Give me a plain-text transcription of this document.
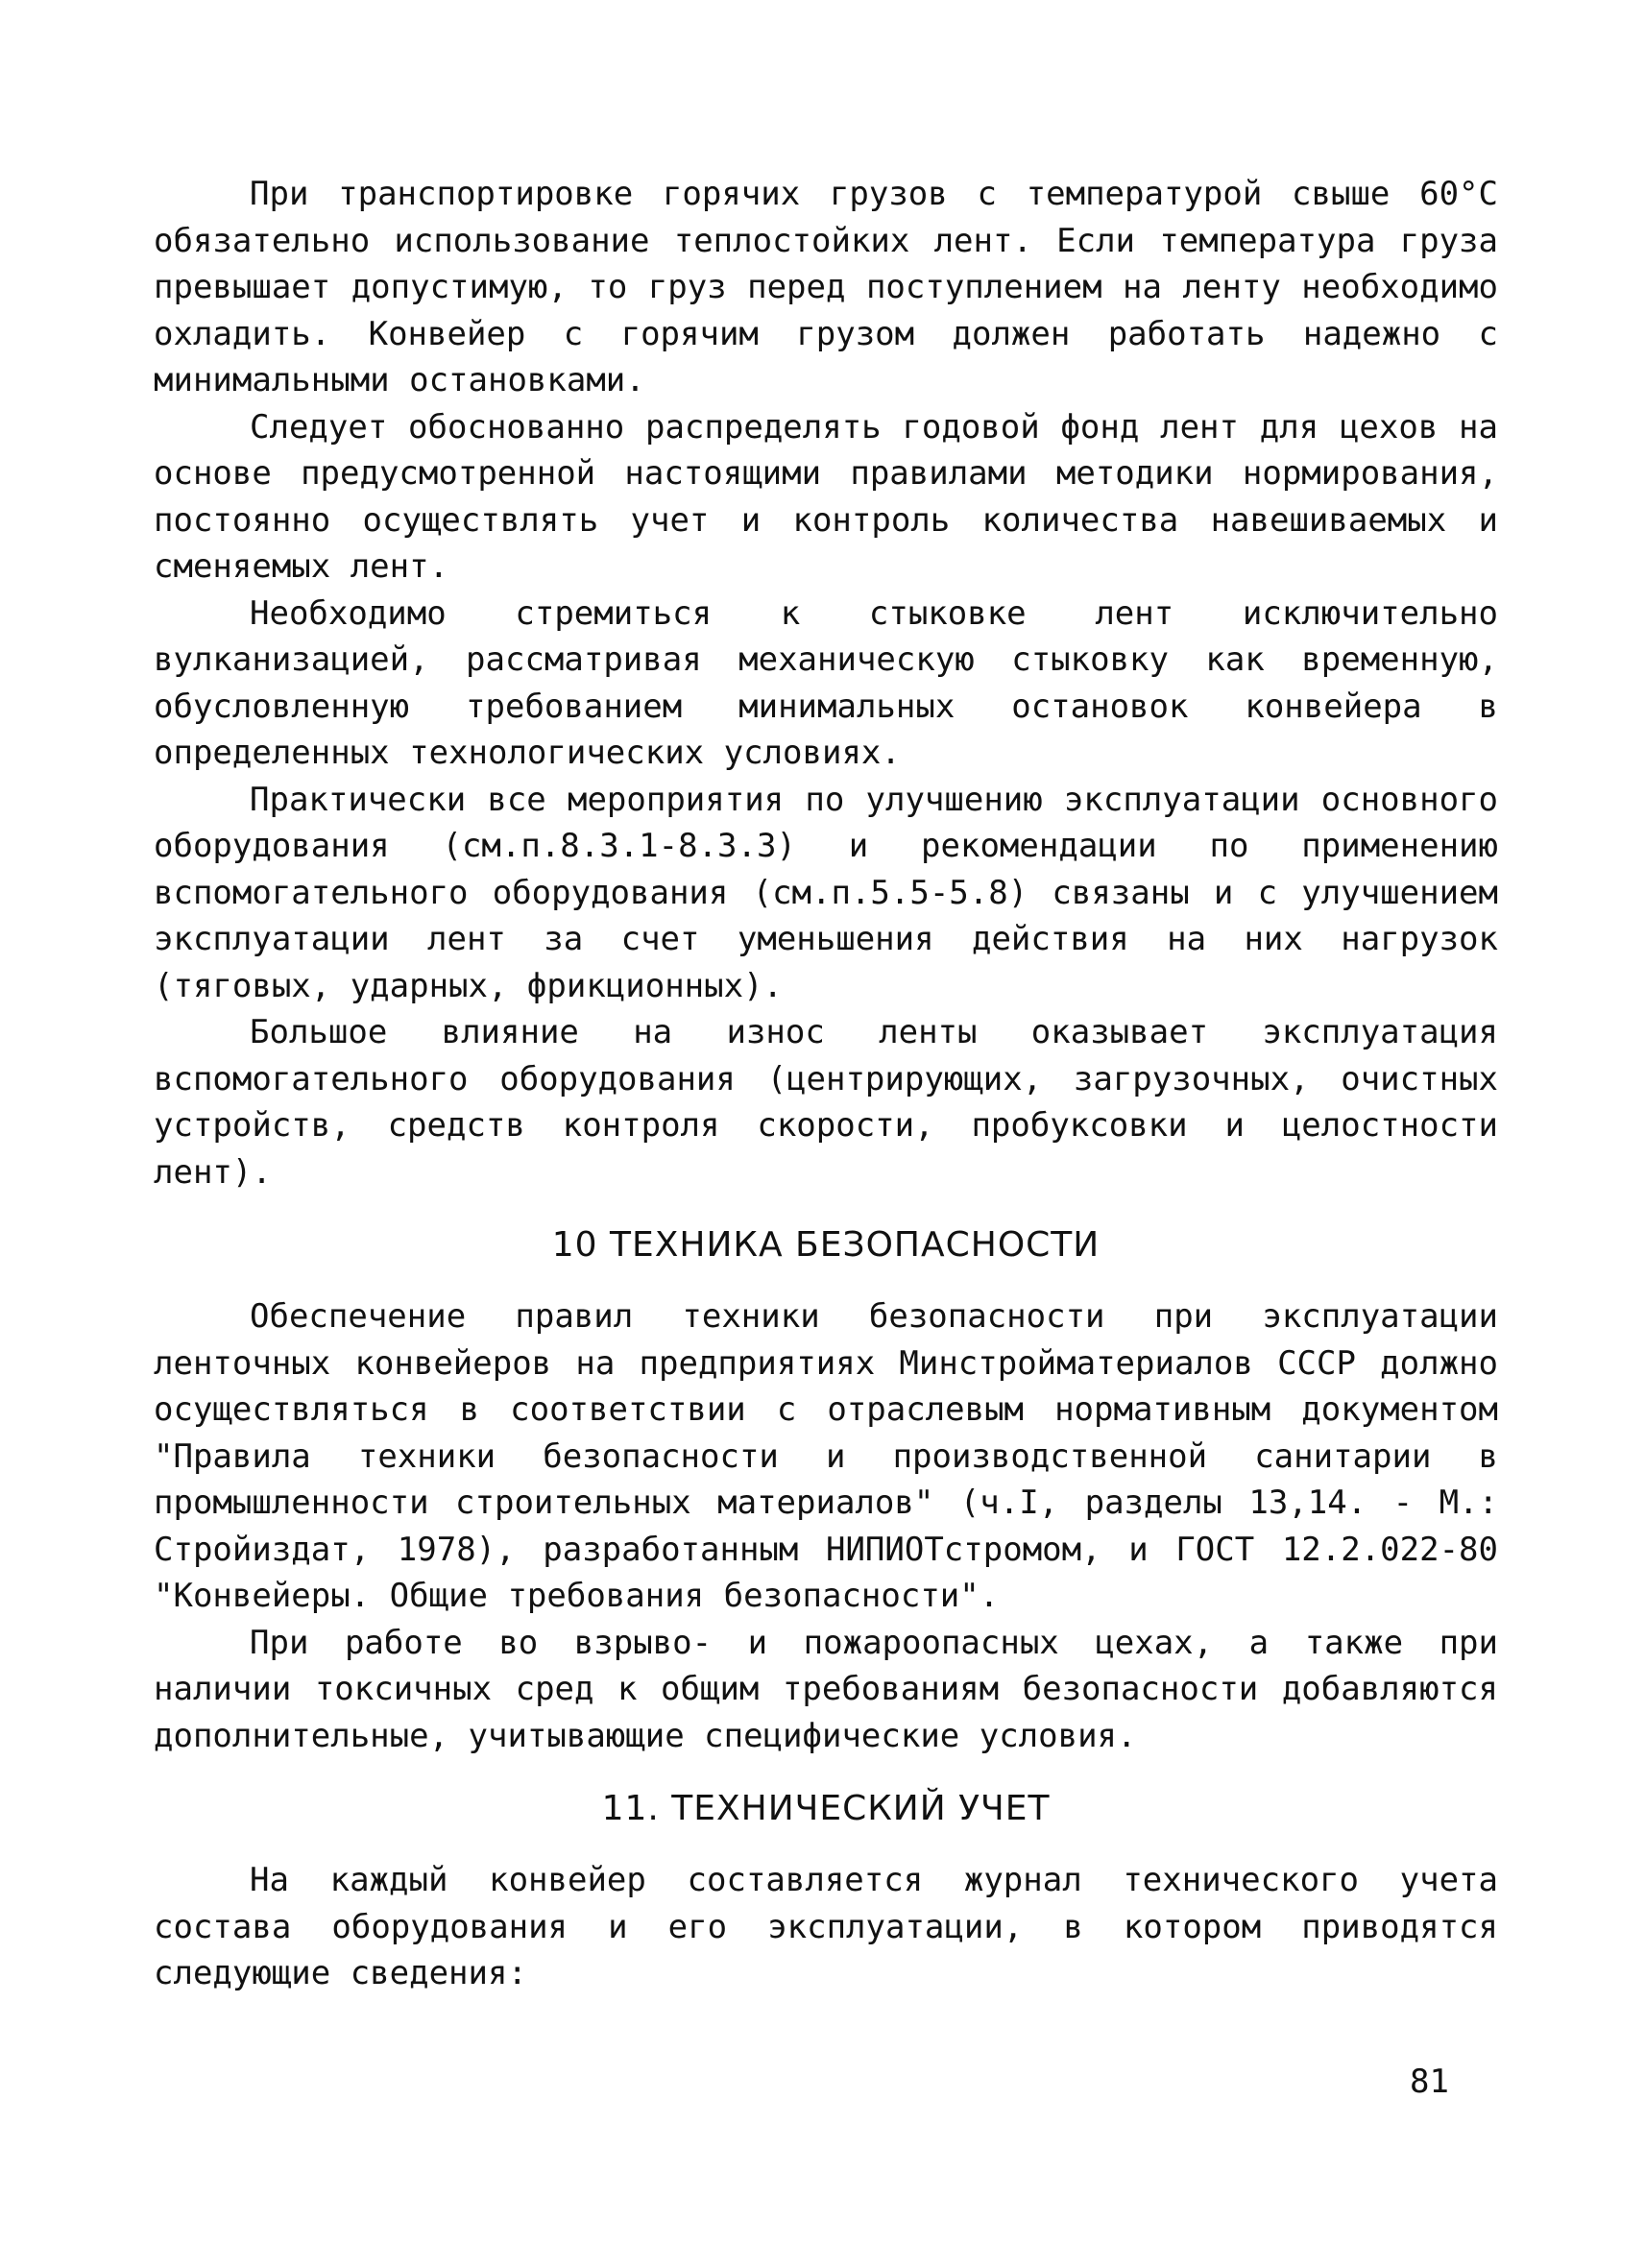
При транспортировке горячих грузов с температурой свыше 60°С обязательно использование теплостойких лент. Если температура груза превышает допустимую, то груз перед поступлением на ленту необходимо охладить. Конвейер с горячим грузом должен работать надежно с минимальными остановками.

Следует обоснованно распределять годовой фонд лент для цехов на основе предусмотренной настоящими правилами методики нормирования, постоянно осуществлять учет и контроль количества навешиваемых и сменяемых лент.

Необходимо стремиться к стыковке лент исключительно вулканизацией, рассматривая механическую стыковку как временную, обусловленную требованием минимальных остановок конвейера в определенных технологических условиях.

Практически все мероприятия по улучшению эксплуатации основного оборудования (см.п.8.3.1-8.3.3) и рекомендации по применению вспомогательного оборудования (см.п.5.5-5.8) связаны и с улучшением эксплуатации лент за счет уменьшения действия на них нагрузок (тяговых, ударных, фрикционных).

Большое влияние на износ ленты оказывает эксплуатация вспомогательного оборудования (центрирующих, загрузочных, очистных устройств, средств контроля скорости, пробуксовки и целостности лент).

10 ТЕХНИКА БЕЗОПАСНОСТИ

Обеспечение правил техники безопасности при эксплуатации ленточных конвейеров на предприятиях Минстройматериалов СССР должно осуществляться в соответствии с отраслевым нормативным документом "Правила техники безопасности и производственной санитарии в промышленности строительных материалов" (ч.I, разделы 13,14. - М.: Стройиздат, 1978), разработанным НИПИОТстромом, и ГОСТ 12.2.022-80 "Конвейеры. Общие требования безопасности".

При работе во взрыво- и пожароопасных цехах, а также при наличии токсичных сред к общим требованиям безопасности добавляются дополнительные, учитывающие специфические условия.

11. ТЕХНИЧЕСКИЙ УЧЕТ

На каждый конвейер составляется журнал технического учета состава оборудования и его эксплуатации, в котором приводятся следующие сведения:

81
